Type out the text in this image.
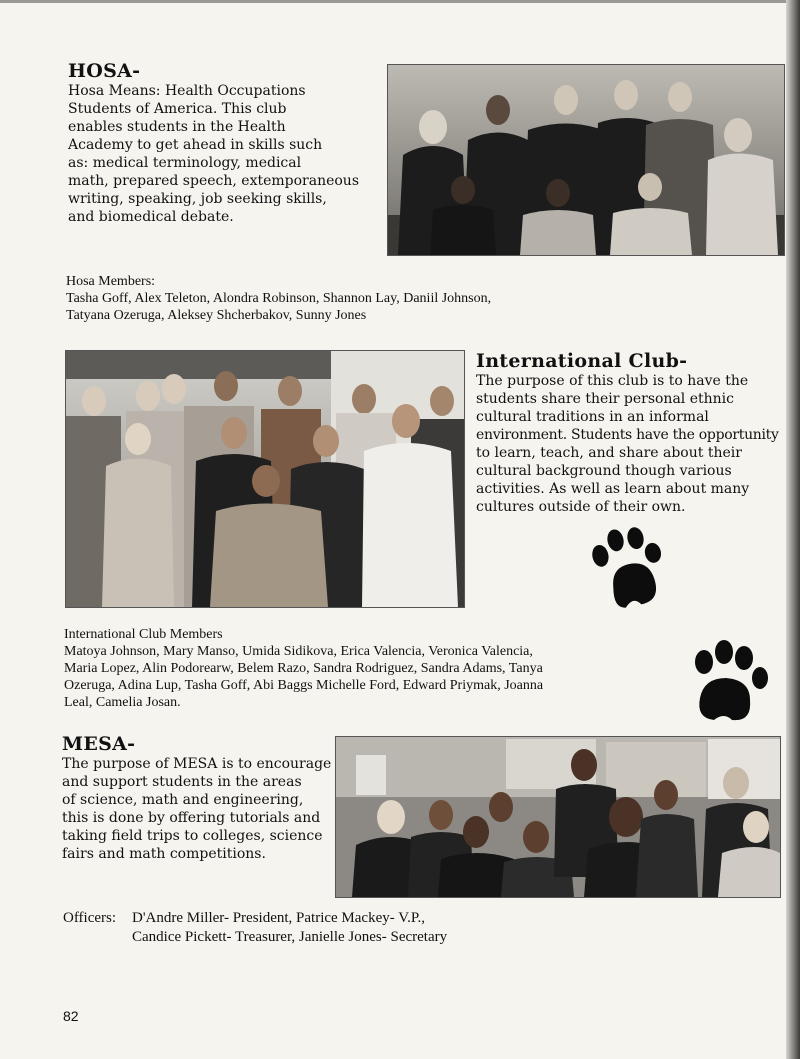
HOSA-
Hosa Means: Health Occupations
Students of America. This club
enables students in the Health
Academy to get ahead in skills such
as: medical terminology, medical
math, prepared speech, extemporaneous
writing, speaking, job seeking skills,
and biomedical debate.
Hosa Members:
Tasha Goff, Alex Teleton, Alondra Robinson, Shannon Lay, Daniil Johnson,
Tatyana Ozeruga, Aleksey Shcherbakov, Sunny Jones
International Club-
The purpose of this club is to have the
students share their personal ethnic
cultural traditions in an informal
environment. Students have the opportunity
to learn, teach, and share about their
cultural background though various
activities. As well as learn about many
cultures outside of their own.
International Club Members
Matoya Johnson, Mary Manso, Umida Sidikova, Erica Valencia, Veronica Valencia,
Maria Lopez, Alin Podorearw, Belem Razo, Sandra Rodriguez, Sandra Adams, Tanya
Ozeruga, Adina Lup, Tasha Goff, Abi Baggs Michelle Ford, Edward Priymak, Joanna
Leal, Camelia Josan.
MESA-
The purpose of MESA is to encourage
and support students in the areas
of science, math and engineering,
this is done by offering tutorials and
taking field trips to colleges, science
fairs and math competitions.
Officers: D'Andre Miller- President, Patrice Mackey- V.P.,
Candice Pickett- Treasurer, Janielle Jones- Secretary
82
